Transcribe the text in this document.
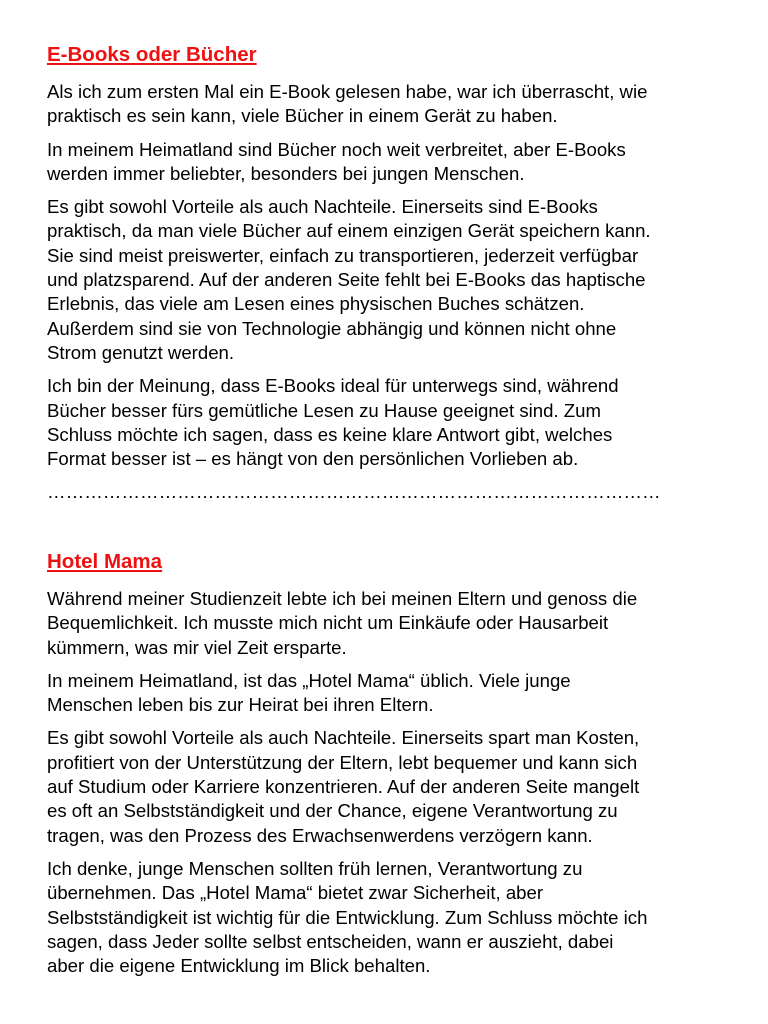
E-Books oder Bücher
Als ich zum ersten Mal ein E-Book gelesen habe, war ich überrascht, wie
praktisch es sein kann, viele Bücher in einem Gerät zu haben.
In meinem Heimatland sind Bücher noch weit verbreitet, aber E-Books
werden immer beliebter, besonders bei jungen Menschen.
Es gibt sowohl Vorteile als auch Nachteile. Einerseits sind E-Books
praktisch, da man viele Bücher auf einem einzigen Gerät speichern kann.
Sie sind meist preiswerter, einfach zu transportieren, jederzeit verfügbar
und platzsparend. Auf der anderen Seite fehlt bei E-Books das haptische
Erlebnis, das viele am Lesen eines physischen Buches schätzen.
Außerdem sind sie von Technologie abhängig und können nicht ohne
Strom genutzt werden.
Ich bin der Meinung, dass E-Books ideal für unterwegs sind, während
Bücher besser fürs gemütliche Lesen zu Hause geeignet sind. Zum
Schluss möchte ich sagen, dass es keine klare Antwort gibt, welches
Format besser ist – es hängt von den persönlichen Vorlieben ab.
………………………………………………………………………………………
Hotel Mama
Während meiner Studienzeit lebte ich bei meinen Eltern und genoss die
Bequemlichkeit. Ich musste mich nicht um Einkäufe oder Hausarbeit
kümmern, was mir viel Zeit ersparte.
In meinem Heimatland, ist das „Hotel Mama“ üblich. Viele junge
Menschen leben bis zur Heirat bei ihren Eltern.
Es gibt sowohl Vorteile als auch Nachteile. Einerseits spart man Kosten,
profitiert von der Unterstützung der Eltern, lebt bequemer und kann sich
auf Studium oder Karriere konzentrieren. Auf der anderen Seite mangelt
es oft an Selbstständigkeit und der Chance, eigene Verantwortung zu
tragen, was den Prozess des Erwachsenwerdens verzögern kann.
Ich denke, junge Menschen sollten früh lernen, Verantwortung zu
übernehmen. Das „Hotel Mama“ bietet zwar Sicherheit, aber
Selbstständigkeit ist wichtig für die Entwicklung. Zum Schluss möchte ich
sagen, dass Jeder sollte selbst entscheiden, wann er auszieht, dabei
aber die eigene Entwicklung im Blick behalten.
